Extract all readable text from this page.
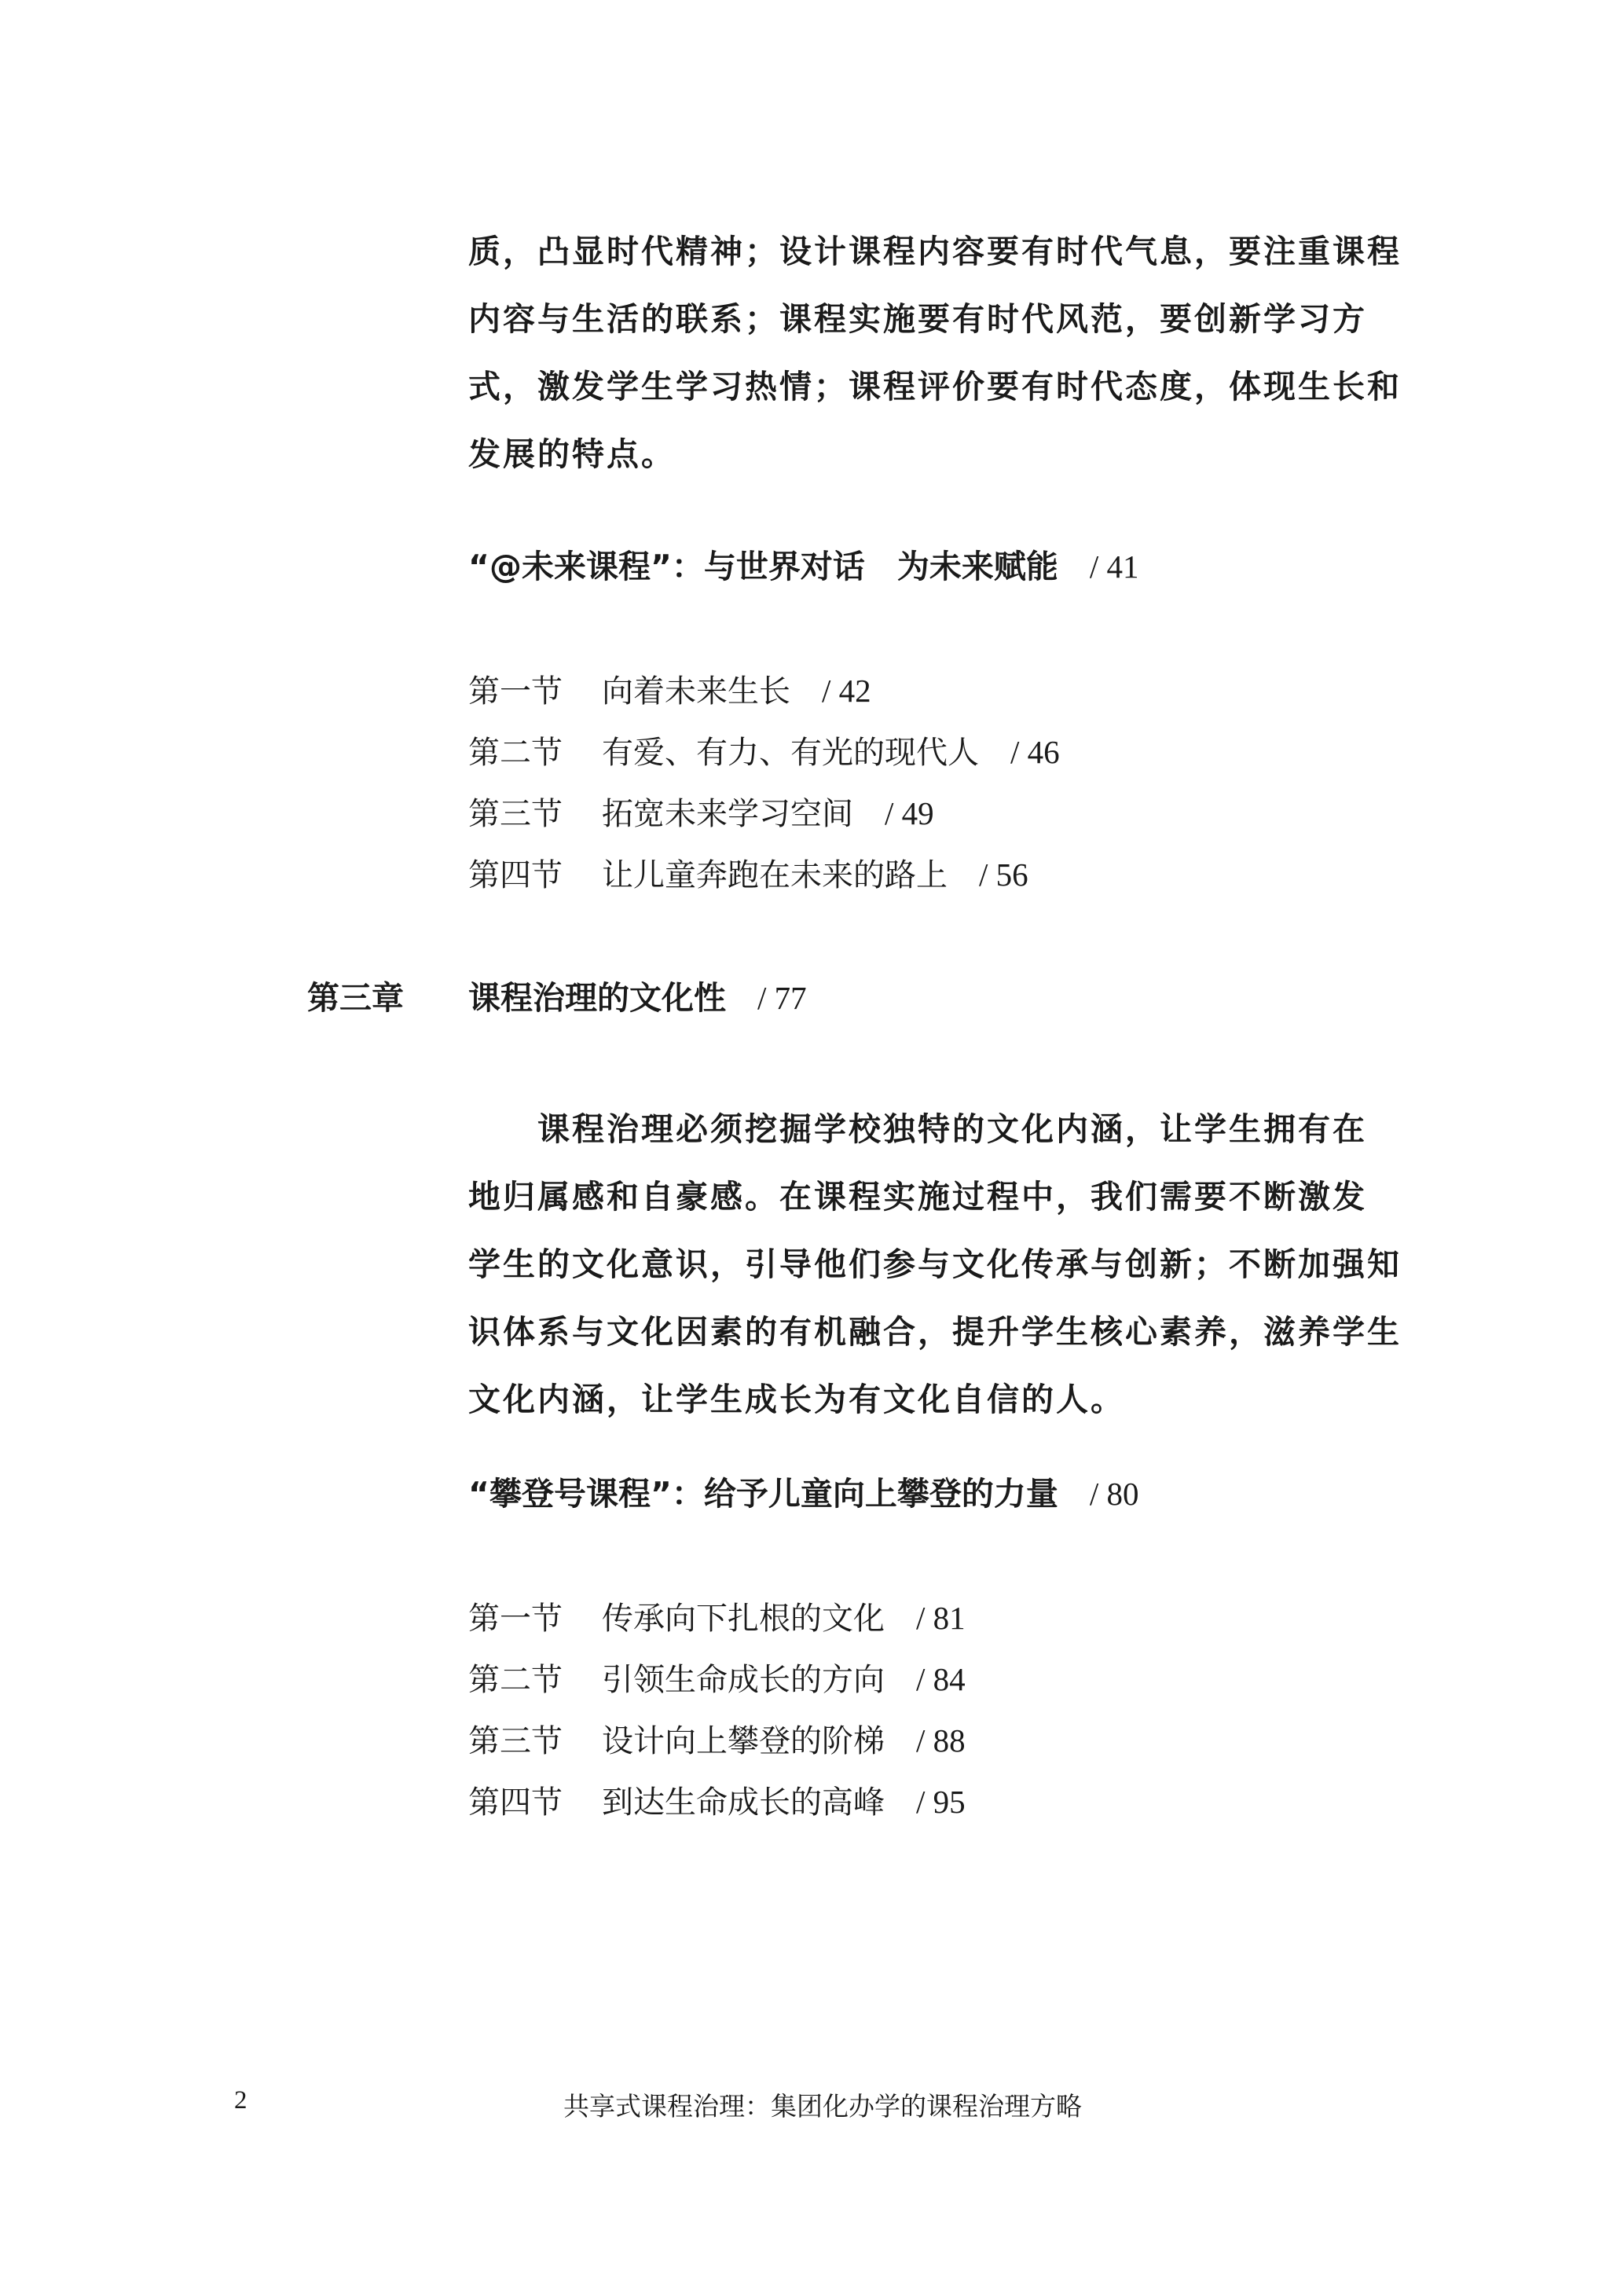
质，凸显时代精神；设计课程内容要有时代气息，要注重课程
内容与生活的联系；课程实施要有时代风范，要创新学习方
式，激发学生学习热情；课程评价要有时代态度，体现生长和
发展的特点。
“@未来课程”：与世界对话　为未来赋能 / 41
第一节 向着未来生长 / 42
第二节 有爱、有力、有光的现代人 / 46
第三节 拓宽未来学习空间 / 49
第四节 让儿童奔跑在未来的路上 / 56
第三章 课程治理的文化性 / 77
课程治理必须挖掘学校独特的文化内涵，让学生拥有在
地归属感和自豪感。在课程实施过程中，我们需要不断激发
学生的文化意识，引导他们参与文化传承与创新；不断加强知
识体系与文化因素的有机融合，提升学生核心素养，滋养学生
文化内涵，让学生成长为有文化自信的人。
“攀登号课程”：给予儿童向上攀登的力量 / 80
第一节 传承向下扎根的文化 / 81
第二节 引领生命成长的方向 / 84
第三节 设计向上攀登的阶梯 / 88
第四节 到达生命成长的高峰 / 95
2	共享式课程治理：集团化办学的课程治理方略
